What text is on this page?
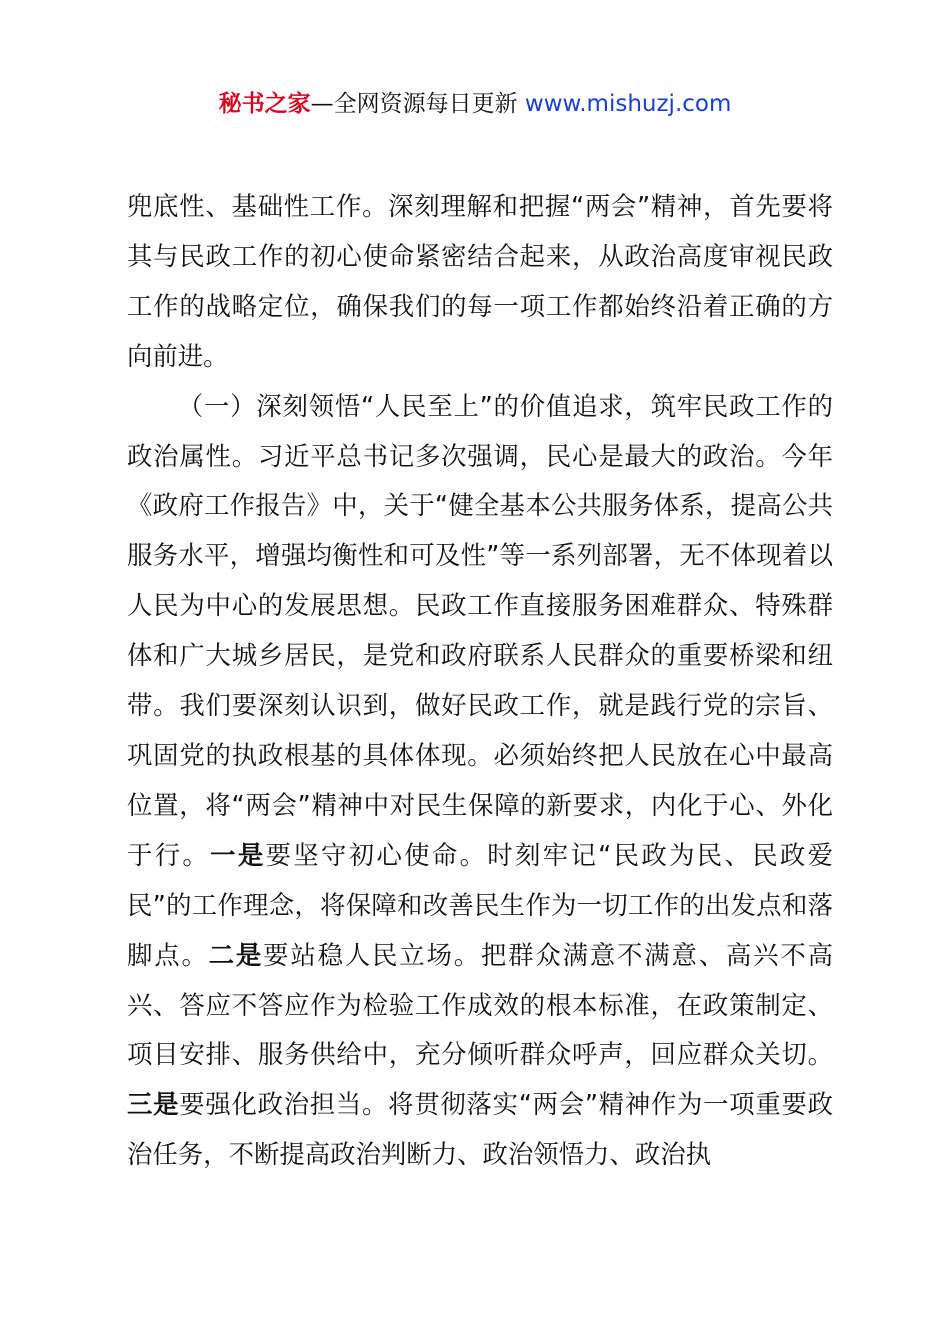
秘书之家—全网资源每日更新 www.mishuzj.com

兜底性、基础性工作。深刻理解和把握“两会”精神，首先要将其与民政工作的初心使命紧密结合起来，从政治高度审视民政工作的战略定位，确保我们的每一项工作都始终沿着正确的方向前进。

（一）深刻领悟“人民至上”的价值追求，筑牢民政工作的政治属性。习近平总书记多次强调，民心是最大的政治。今年《政府工作报告》中，关于“健全基本公共服务体系，提高公共服务水平，增强均衡性和可及性”等一系列部署，无不体现着以人民为中心的发展思想。民政工作直接服务困难群众、特殊群体和广大城乡居民，是党和政府联系人民群众的重要桥梁和纽带。我们要深刻认识到，做好民政工作，就是践行党的宗旨、巩固党的执政根基的具体体现。必须始终把人民放在心中最高位置，将“两会”精神中对民生保障的新要求，内化于心、外化于行。一是要坚守初心使命。时刻牢记“民政为民、民政爱民”的工作理念，将保障和改善民生作为一切工作的出发点和落脚点。二是要站稳人民立场。把群众满意不满意、高兴不高兴、答应不答应作为检验工作成效的根本标准，在政策制定、项目安排、服务供给中，充分倾听群众呼声，回应群众关切。三是要强化政治担当。将贯彻落实“两会”精神作为一项重要政治任务，不断提高政治判断力、政治领悟力、政治执
